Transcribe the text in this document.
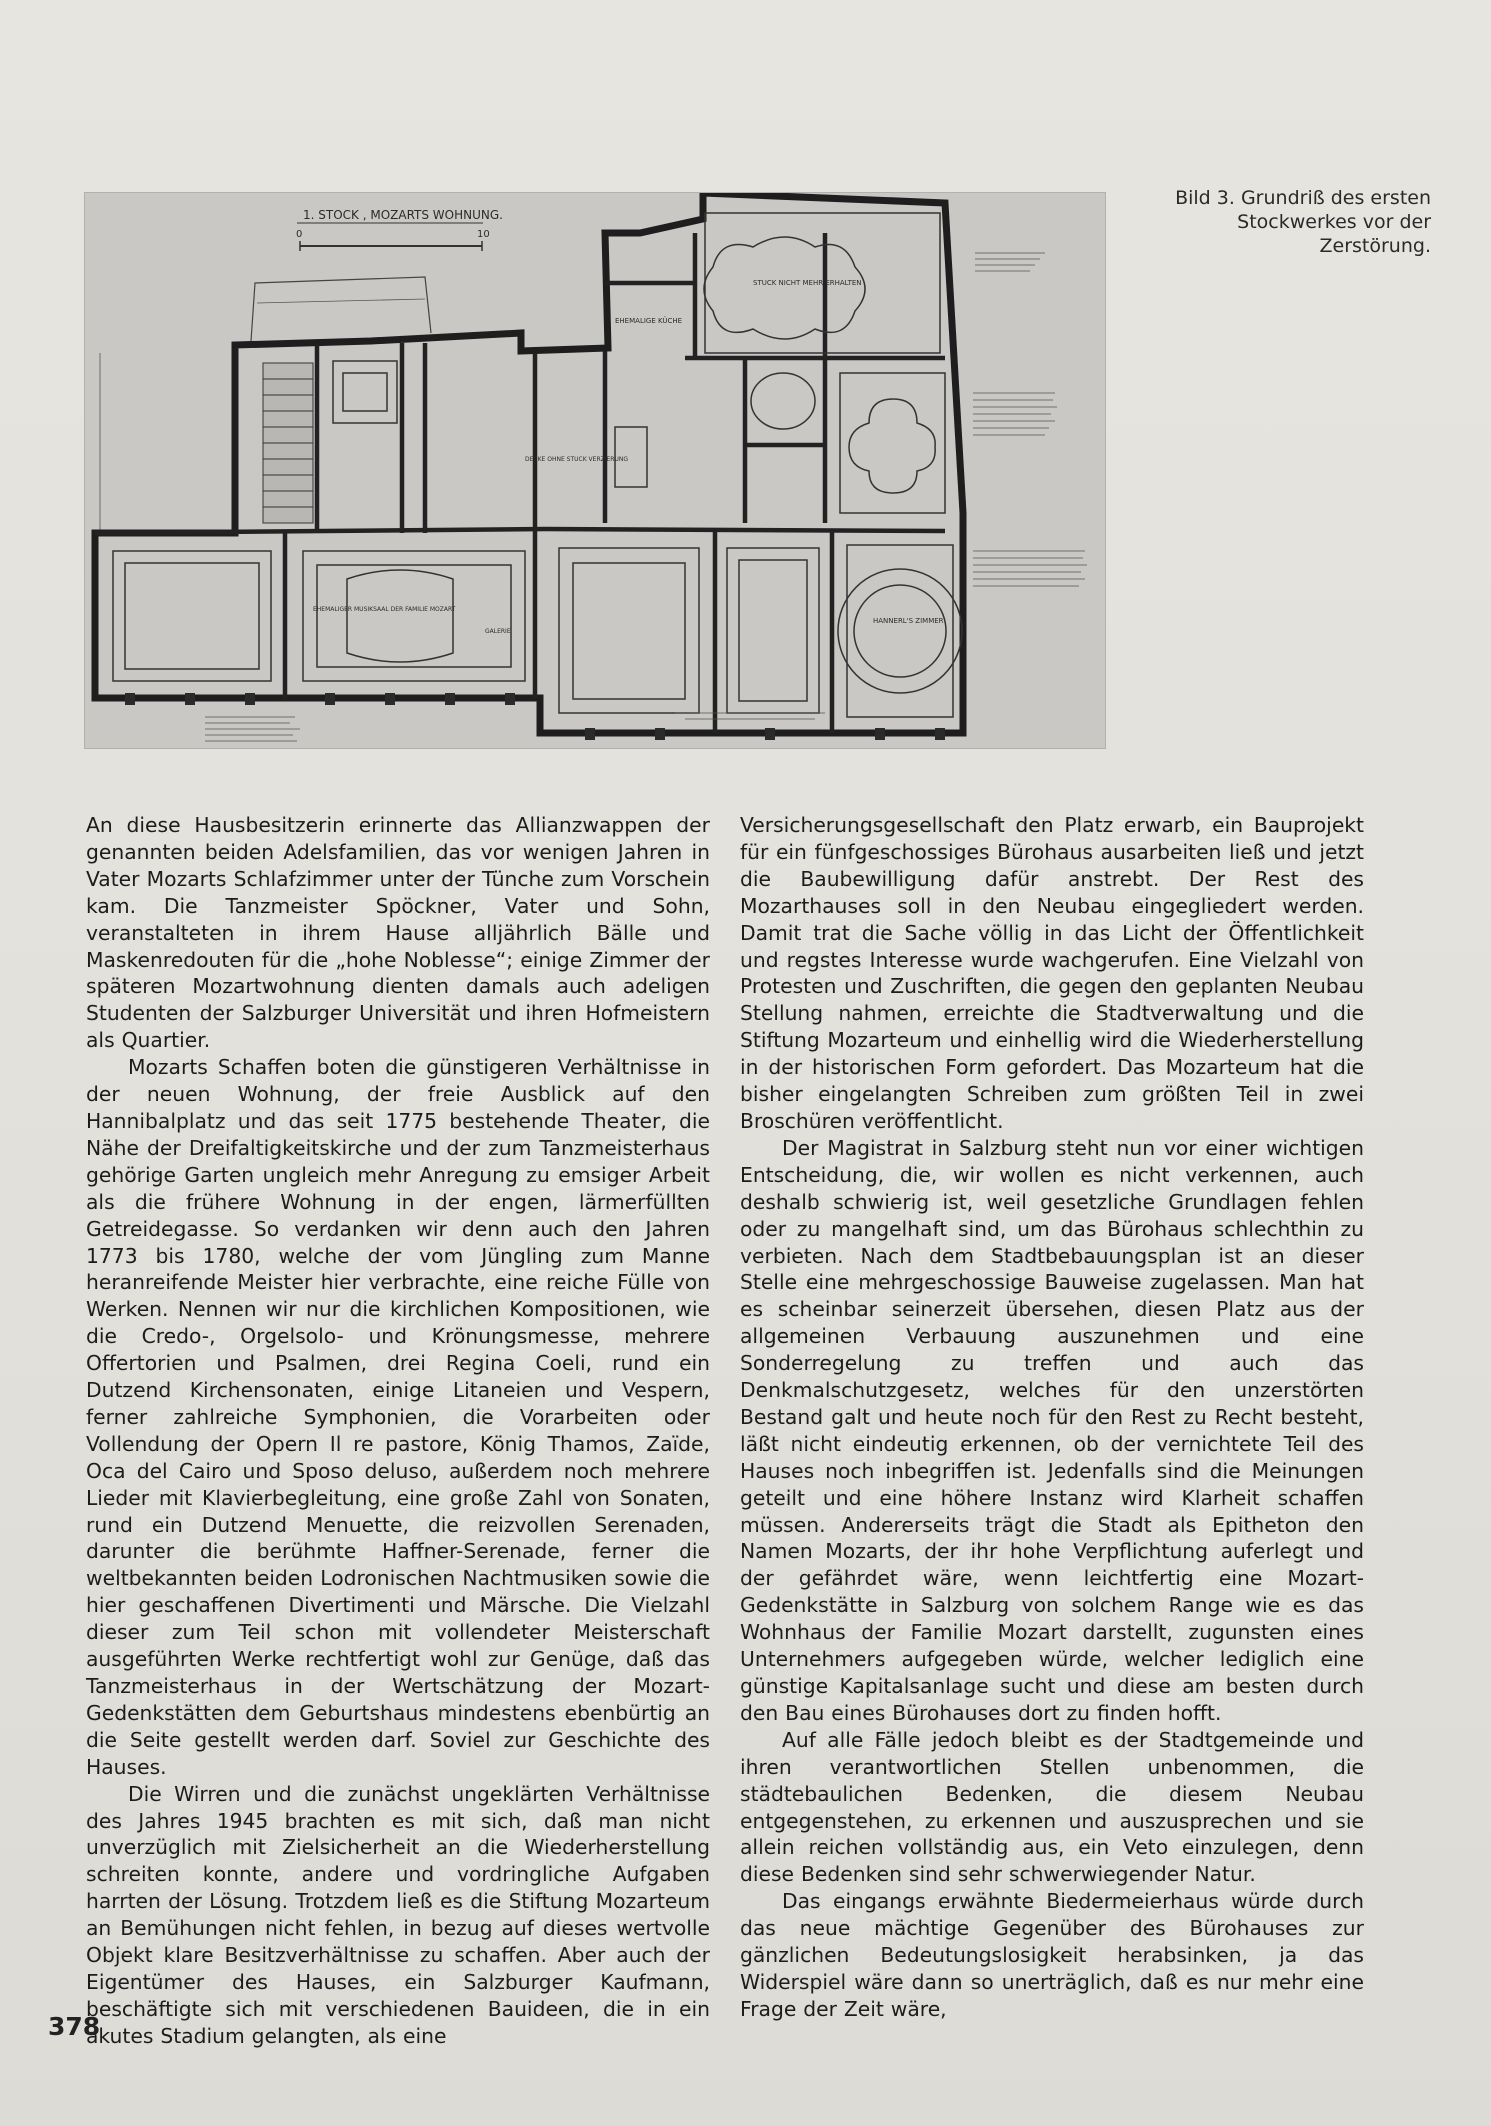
1. STOCK , MOZARTS WOHNUNG.
0	10
STUCK NICHT MEHR ERHALTEN
EHEMALIGE KÜCHE
DECKE OHNE STUCK VERZIERUNG
EHEMALIGER MUSIKSAAL DER FAMILIE MOZART
GALERIE
HANNERL'S ZIMMER
Bild 3. Grundriß des ersten Stockwerkes vor der Zerstörung.

An diese Hausbesitzerin erinnerte das Allianzwappen der genannten beiden Adelsfamilien, das vor wenigen Jahren in Vater Mozarts Schlafzimmer unter der Tünche zum Vorschein kam. Die Tanzmeister Spöckner, Vater und Sohn, veranstalteten in ihrem Hause alljährlich Bälle und Maskenredouten für die „hohe Noblesse“; einige Zimmer der späteren Mozartwohnung dienten damals auch adeligen Studenten der Salzburger Universität und ihren Hofmeistern als Quartier.

Mozarts Schaffen boten die günstigeren Verhältnisse in der neuen Wohnung, der freie Ausblick auf den Hannibalplatz und das seit 1775 bestehende Theater, die Nähe der Dreifaltigkeitskirche und der zum Tanzmeisterhaus gehörige Garten ungleich mehr Anregung zu emsiger Arbeit als die frühere Wohnung in der engen, lärmerfüllten Getreidegasse. So verdanken wir denn auch den Jahren 1773 bis 1780, welche der vom Jüngling zum Manne heranreifende Meister hier verbrachte, eine reiche Fülle von Werken. Nennen wir nur die kirchlichen Kompositionen, wie die Credo-, Orgelsolo- und Krönungsmesse, mehrere Offertorien und Psalmen, drei Regina Coeli, rund ein Dutzend Kirchensonaten, einige Litaneien und Vespern, ferner zahlreiche Symphonien, die Vorarbeiten oder Vollendung der Opern Il re pastore, König Thamos, Zaïde, Oca del Cairo und Sposo deluso, außerdem noch mehrere Lieder mit Klavierbegleitung, eine große Zahl von Sonaten, rund ein Dutzend Menuette, die reizvollen Serenaden, darunter die berühmte Haffner-Serenade, ferner die weltbekannten beiden Lodronischen Nachtmusiken sowie die hier geschaffenen Divertimenti und Märsche. Die Vielzahl dieser zum Teil schon mit vollendeter Meisterschaft ausgeführten Werke rechtfertigt wohl zur Genüge, daß das Tanzmeisterhaus in der Wertschätzung der Mozart-Gedenkstätten dem Geburtshaus mindestens ebenbürtig an die Seite gestellt werden darf. Soviel zur Geschichte des Hauses.

Die Wirren und die zunächst ungeklärten Verhältnisse des Jahres 1945 brachten es mit sich, daß man nicht unverzüglich mit Zielsicherheit an die Wiederherstellung schreiten konnte, andere und vordringliche Aufgaben harrten der Lösung. Trotzdem ließ es die Stiftung Mozarteum an Bemühungen nicht fehlen, in bezug auf dieses wertvolle Objekt klare Besitzverhältnisse zu schaffen. Aber auch der Eigentümer des Hauses, ein Salzburger Kaufmann, beschäftigte sich mit verschiedenen Bauideen, die in ein akutes Stadium gelangten, als eine

Versicherungsgesellschaft den Platz erwarb, ein Bauprojekt für ein fünfgeschossiges Bürohaus ausarbeiten ließ und jetzt die Baubewilligung dafür anstrebt. Der Rest des Mozarthauses soll in den Neubau eingegliedert werden. Damit trat die Sache völlig in das Licht der Öffentlichkeit und regstes Interesse wurde wachgerufen. Eine Vielzahl von Protesten und Zuschriften, die gegen den geplanten Neubau Stellung nahmen, erreichte die Stadtverwaltung und die Stiftung Mozarteum und einhellig wird die Wiederherstellung in der historischen Form gefordert. Das Mozarteum hat die bisher eingelangten Schreiben zum größten Teil in zwei Broschüren veröffentlicht.

Der Magistrat in Salzburg steht nun vor einer wichtigen Entscheidung, die, wir wollen es nicht verkennen, auch deshalb schwierig ist, weil gesetzliche Grundlagen fehlen oder zu mangelhaft sind, um das Bürohaus schlechthin zu verbieten. Nach dem Stadtbebauungsplan ist an dieser Stelle eine mehrgeschossige Bauweise zugelassen. Man hat es scheinbar seinerzeit übersehen, diesen Platz aus der allgemeinen Verbauung auszunehmen und eine Sonderregelung zu treffen und auch das Denkmalschutzgesetz, welches für den unzerstörten Bestand galt und heute noch für den Rest zu Recht besteht, läßt nicht eindeutig erkennen, ob der vernichtete Teil des Hauses noch inbegriffen ist. Jedenfalls sind die Meinungen geteilt und eine höhere Instanz wird Klarheit schaffen müssen. Andererseits trägt die Stadt als Epitheton den Namen Mozarts, der ihr hohe Verpflichtung auferlegt und der gefährdet wäre, wenn leichtfertig eine Mozart-Gedenkstätte in Salzburg von solchem Range wie es das Wohnhaus der Familie Mozart darstellt, zugunsten eines Unternehmers aufgegeben würde, welcher lediglich eine günstige Kapitalsanlage sucht und diese am besten durch den Bau eines Bürohauses dort zu finden hofft.

Auf alle Fälle jedoch bleibt es der Stadtgemeinde und ihren verantwortlichen Stellen unbenommen, die städtebaulichen Bedenken, die diesem Neubau entgegenstehen, zu erkennen und auszusprechen und sie allein reichen vollständig aus, ein Veto einzulegen, denn diese Bedenken sind sehr schwerwiegender Natur.

Das eingangs erwähnte Biedermeierhaus würde durch das neue mächtige Gegenüber des Bürohauses zur gänzlichen Bedeutungslosigkeit herabsinken, ja das Widerspiel wäre dann so unerträglich, daß es nur mehr eine Frage der Zeit wäre,

378
